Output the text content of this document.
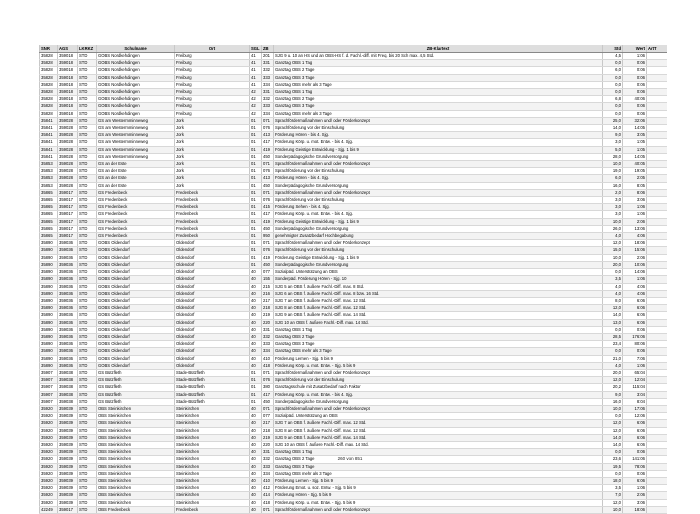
SNR	AGS	LKRKZ	Schulname	Ort	SGL	ZB	ZB-Klartext	Std	Wert	ArtT
35828	359018	STD	GOBS Nordkehdingen	Freiburg	41	201	SJG 9 u. 10 an HS und an OBS-HS f. d. Fachl.-diff. mit Freq. bis 20 Sch max. 4,5 Std.	4,5	1:06	
35828	359018	STD	GOBS Nordkehdingen	Freiburg	41	331	Ganztag OBS 1 Tag	0,0	0:06	
35828	359018	STD	GOBS Nordkehdingen	Freiburg	41	332	Ganztag OBS 2 Tage	6,0	0:06	
35828	359018	STD	GOBS Nordkehdingen	Freiburg	41	333	Ganztag OBS 3 Tage	0,0	0:06	
35828	359018	STD	GOBS Nordkehdingen	Freiburg	41	334	Ganztag OBS mehr als 3 Tage	0,0	0:06	
35828	359018	STD	GOBS Nordkehdingen	Freiburg	42	331	Ganztag OBS 1 Tag	0,0	0:06	
35828	359018	STD	GOBS Nordkehdingen	Freiburg	42	332	Ganztag OBS 2 Tage	6,8	40:06	
35828	359018	STD	GOBS Nordkehdingen	Freiburg	42	333	Ganztag OBS 3 Tage	0,0	0:06	
35828	359018	STD	GOBS Nordkehdingen	Freiburg	42	334	Ganztag OBS mehr als 3 Tage	0,0	0:06	
35841	359028	STD	GS am Westermminneweg	Jork	01	071	Sprachfördermaßnahmen und/ oder Förderkonzept	25,0	32:06	
35841	359028	STD	GS am Westermminneweg	Jork	01	076	Sprachförderung vor der Einschulung	14,0	14:05	
35841	359028	STD	GS am Westermminneweg	Jork	01	413	Förderung Hören - bis 4. Sjg.	9,0	3:05	
35841	359028	STD	GS am Westermminneweg	Jork	01	417	Förderung Körp. u. mot. Entw. - bis 4. Sjg.	3,0	1:05	
35841	359028	STD	GS am Westermminneweg	Jork	01	419	Förderung Geistige Entwicklung - Sjg. 1 bis 9	5,0	1:05	
35841	359028	STD	GS am Westermminneweg	Jork	01	450	Sonderpädagogische Grundversorgung	28,0	14:05	
35853	359028	STD	GS an der Este	Jork	01	071	Sprachfördermaßnahmen und/ oder Förderkonzept	10,0	40:05	
35853	359028	STD	GS an der Este	Jork	01	076	Sprachförderung vor der Einschulung	19,0	19:05	
35853	359028	STD	GS an der Este	Jork	01	413	Förderung Hören - bis 4. Sjg.	6,0	2:05	
35853	359028	STD	GS an der Este	Jork	01	450	Sonderpädagogische Grundversorgung	16,0	8:05	
35865	359017	STD	GS Fredenbeck	Fredenbeck	01	071	Sprachfördermaßnahmen und/ oder Förderkonzept	2,0	8:06	
35865	359017	STD	GS Fredenbeck	Fredenbeck	01	076	Sprachförderung vor der Einschulung	3,0	3:06	
35865	359017	STD	GS Fredenbeck	Fredenbeck	01	415	Förderung Sehen - bis 4. Sjg.	3,0	1:06	
35865	359017	STD	GS Fredenbeck	Fredenbeck	01	417	Förderung Körp. u. mot. Entw. - bis 4. Sjg.	3,0	1:06	
35865	359017	STD	GS Fredenbeck	Fredenbeck	01	419	Förderung Geistige Entwicklung - Sjg. 1 bis 9	10,0	2:06	
35865	359017	STD	GS Fredenbeck	Fredenbeck	01	450	Sonderpädagogische Grundversorgung	26,0	13:06	
35865	359017	STD	GS Fredenbeck	Fredenbeck	01	950	genehmigter Zusatzbedarf Hochbegabung	4,0	4:06	
35890	359036	STD	GOBS Oldendorf	Oldendorf	01	071	Sprachfördermaßnahmen und/ oder Förderkonzept	12,0	18:06	
35890	359036	STD	GOBS Oldendorf	Oldendorf	01	076	Sprachförderung vor der Einschulung	15,0	15:06	
35890	359036	STD	GOBS Oldendorf	Oldendorf	01	419	Förderung Geistige Entwicklung - Sjg. 1 bis 9	10,0	2:06	
35890	359036	STD	GOBS Oldendorf	Oldendorf	01	450	Sonderpädagogische Grundversorgung	20,0	10:06	
35890	359036	STD	GOBS Oldendorf	Oldendorf	40	077	Sozialpäd. Unterstützung an OBS	0,0	14:06	
35890	359036	STD	GOBS Oldendorf	Oldendorf	40	155	Sonderpäd. Förderung Hören - Sjg. 10	3,5	1:06	
35890	359036	STD	GOBS Oldendorf	Oldendorf	40	215	SJG 5 an OBS f. äußere Fachl.-Diff. max. 8 Std.	4,0	4:06	
35890	359036	STD	GOBS Oldendorf	Oldendorf	40	216	SJG 6 an OBS f. äußere Fachl.-Diff. max. 8 bzw. 16 Std.	4,0	4:06	
35890	359036	STD	GOBS Oldendorf	Oldendorf	40	217	SJG 7 an OBS f. äußere Fachl.-Diff. max. 12 Std.	8,0	6:06	
35890	359036	STD	GOBS Oldendorf	Oldendorf	40	218	SJG 8 an OBS f. äußere Fachl.-Diff. max. 12 Std.	12,0	6:06	
35890	359036	STD	GOBS Oldendorf	Oldendorf	40	219	SJG 9 an OBS f. äußere Fachl.-Diff. max. 14 Std.	14,0	6:06	
35890	359036	STD	GOBS Oldendorf	Oldendorf	40	220	SJG 10 an OBS f. äußere Fachl.-Diff. max. 14 Std.	13,0	6:06	
35890	359036	STD	GOBS Oldendorf	Oldendorf	40	331	Ganztag OBS 1 Tag	0,0	0:06	
35890	359036	STD	GOBS Oldendorf	Oldendorf	40	332	Ganztag OBS 2 Tage	28,5	176:06	
35890	359036	STD	GOBS Oldendorf	Oldendorf	40	333	Ganztag OBS 3 Tage	23,4	80:06	
35890	359036	STD	GOBS Oldendorf	Oldendorf	40	334	Ganztag OBS mehr als 3 Tage	0,0	0:06	
35890	359036	STD	GOBS Oldendorf	Oldendorf	40	410	Förderung Lernen - Sjg. 5 bis 9	21,0	7:06	
35890	359036	STD	GOBS Oldendorf	Oldendorf	40	418	Förderung Körp. u. mot. Entw. - Sjg. 5 bis 9	4,0	1:06	
35907	359038	STD	GS Bützfleth	Stade-Bützfleth	01	071	Sprachfördermaßnahmen und/ oder Förderkonzept	20,0	65:04	
35907	359038	STD	GS Bützfleth	Stade-Bützfleth	01	076	Sprachförderung vor der Einschulung	12,0	12:04	
35907	359038	STD	GS Bützfleth	Stade-Bützfleth	01	380	Ganztagsschule mit Zusatzbedarf nach Faktor	20,2	115:04	
35907	359038	STD	GS Bützfleth	Stade-Bützfleth	01	417	Förderung Körp. u. mot. Entw. - bis 4. Sjg.	9,0	3:04	
35907	359038	STD	GS Bützfleth	Stade-Bützfleth	01	450	Sonderpädagogische Grundversorgung	16,0	8:04	
35920	359039	STD	OBS Steinkirchen	Steinkirchen	40	071	Sprachfördermaßnahmen und/ oder Förderkonzept	10,0	17:06	
35920	359039	STD	OBS Steinkirchen	Steinkirchen	40	077	Sozialpäd. Unterstützung an OBS	0,0	12:06	
35920	359039	STD	OBS Steinkirchen	Steinkirchen	40	217	SJG 7 an OBS f. äußere Fachl.-Diff. max. 12 Std.	12,0	6:06	
35920	359039	STD	OBS Steinkirchen	Steinkirchen	40	218	SJG 8 an OBS f. äußere Fachl.-Diff. max. 12 Std.	12,0	6:06	
35920	359039	STD	OBS Steinkirchen	Steinkirchen	40	219	SJG 9 an OBS f. äußere Fachl.-Diff. max. 14 Std.	14,0	6:06	
35920	359039	STD	OBS Steinkirchen	Steinkirchen	40	220	SJG 10 an OBS f. äußere Fachl.-Diff. max. 14 Std.	14,0	6:06	
35920	359039	STD	OBS Steinkirchen	Steinkirchen	40	331	Ganztag OBS 1 Tag	0,0	0:06	
35920	359039	STD	OBS Steinkirchen	Steinkirchen	40	332	Ganztag OBS 2 Tage	23,6	141:06	
35920	359039	STD	OBS Steinkirchen	Steinkirchen	40	333	Ganztag OBS 3 Tage	19,5	78:06	
35920	359039	STD	OBS Steinkirchen	Steinkirchen	40	334	Ganztag OBS mehr als 3 Tage	0,0	0:06	
35920	359039	STD	OBS Steinkirchen	Steinkirchen	40	410	Förderung Lernen - Sjg. 5 bis 9	18,0	6:06	
35920	359039	STD	OBS Steinkirchen	Steinkirchen	40	412	Förderung Emot. u. soz. Entw. - Sjg. 5 bis 9	3,5	1:06	
35920	359039	STD	OBS Steinkirchen	Steinkirchen	40	414	Förderung Hören - Sjg. 5 bis 9	7,0	2:06	
35920	359039	STD	OBS Steinkirchen	Steinkirchen	40	418	Förderung Körp. u. mot. Entw. - Sjg. 5 bis 9	12,0	3:06	
42249	359017	STD	OBS Fredenbeck	Fredenbeck	40	071	Sprachfördermaßnahmen und/ oder Förderkonzept	10,0	18:06	
260 von 851
